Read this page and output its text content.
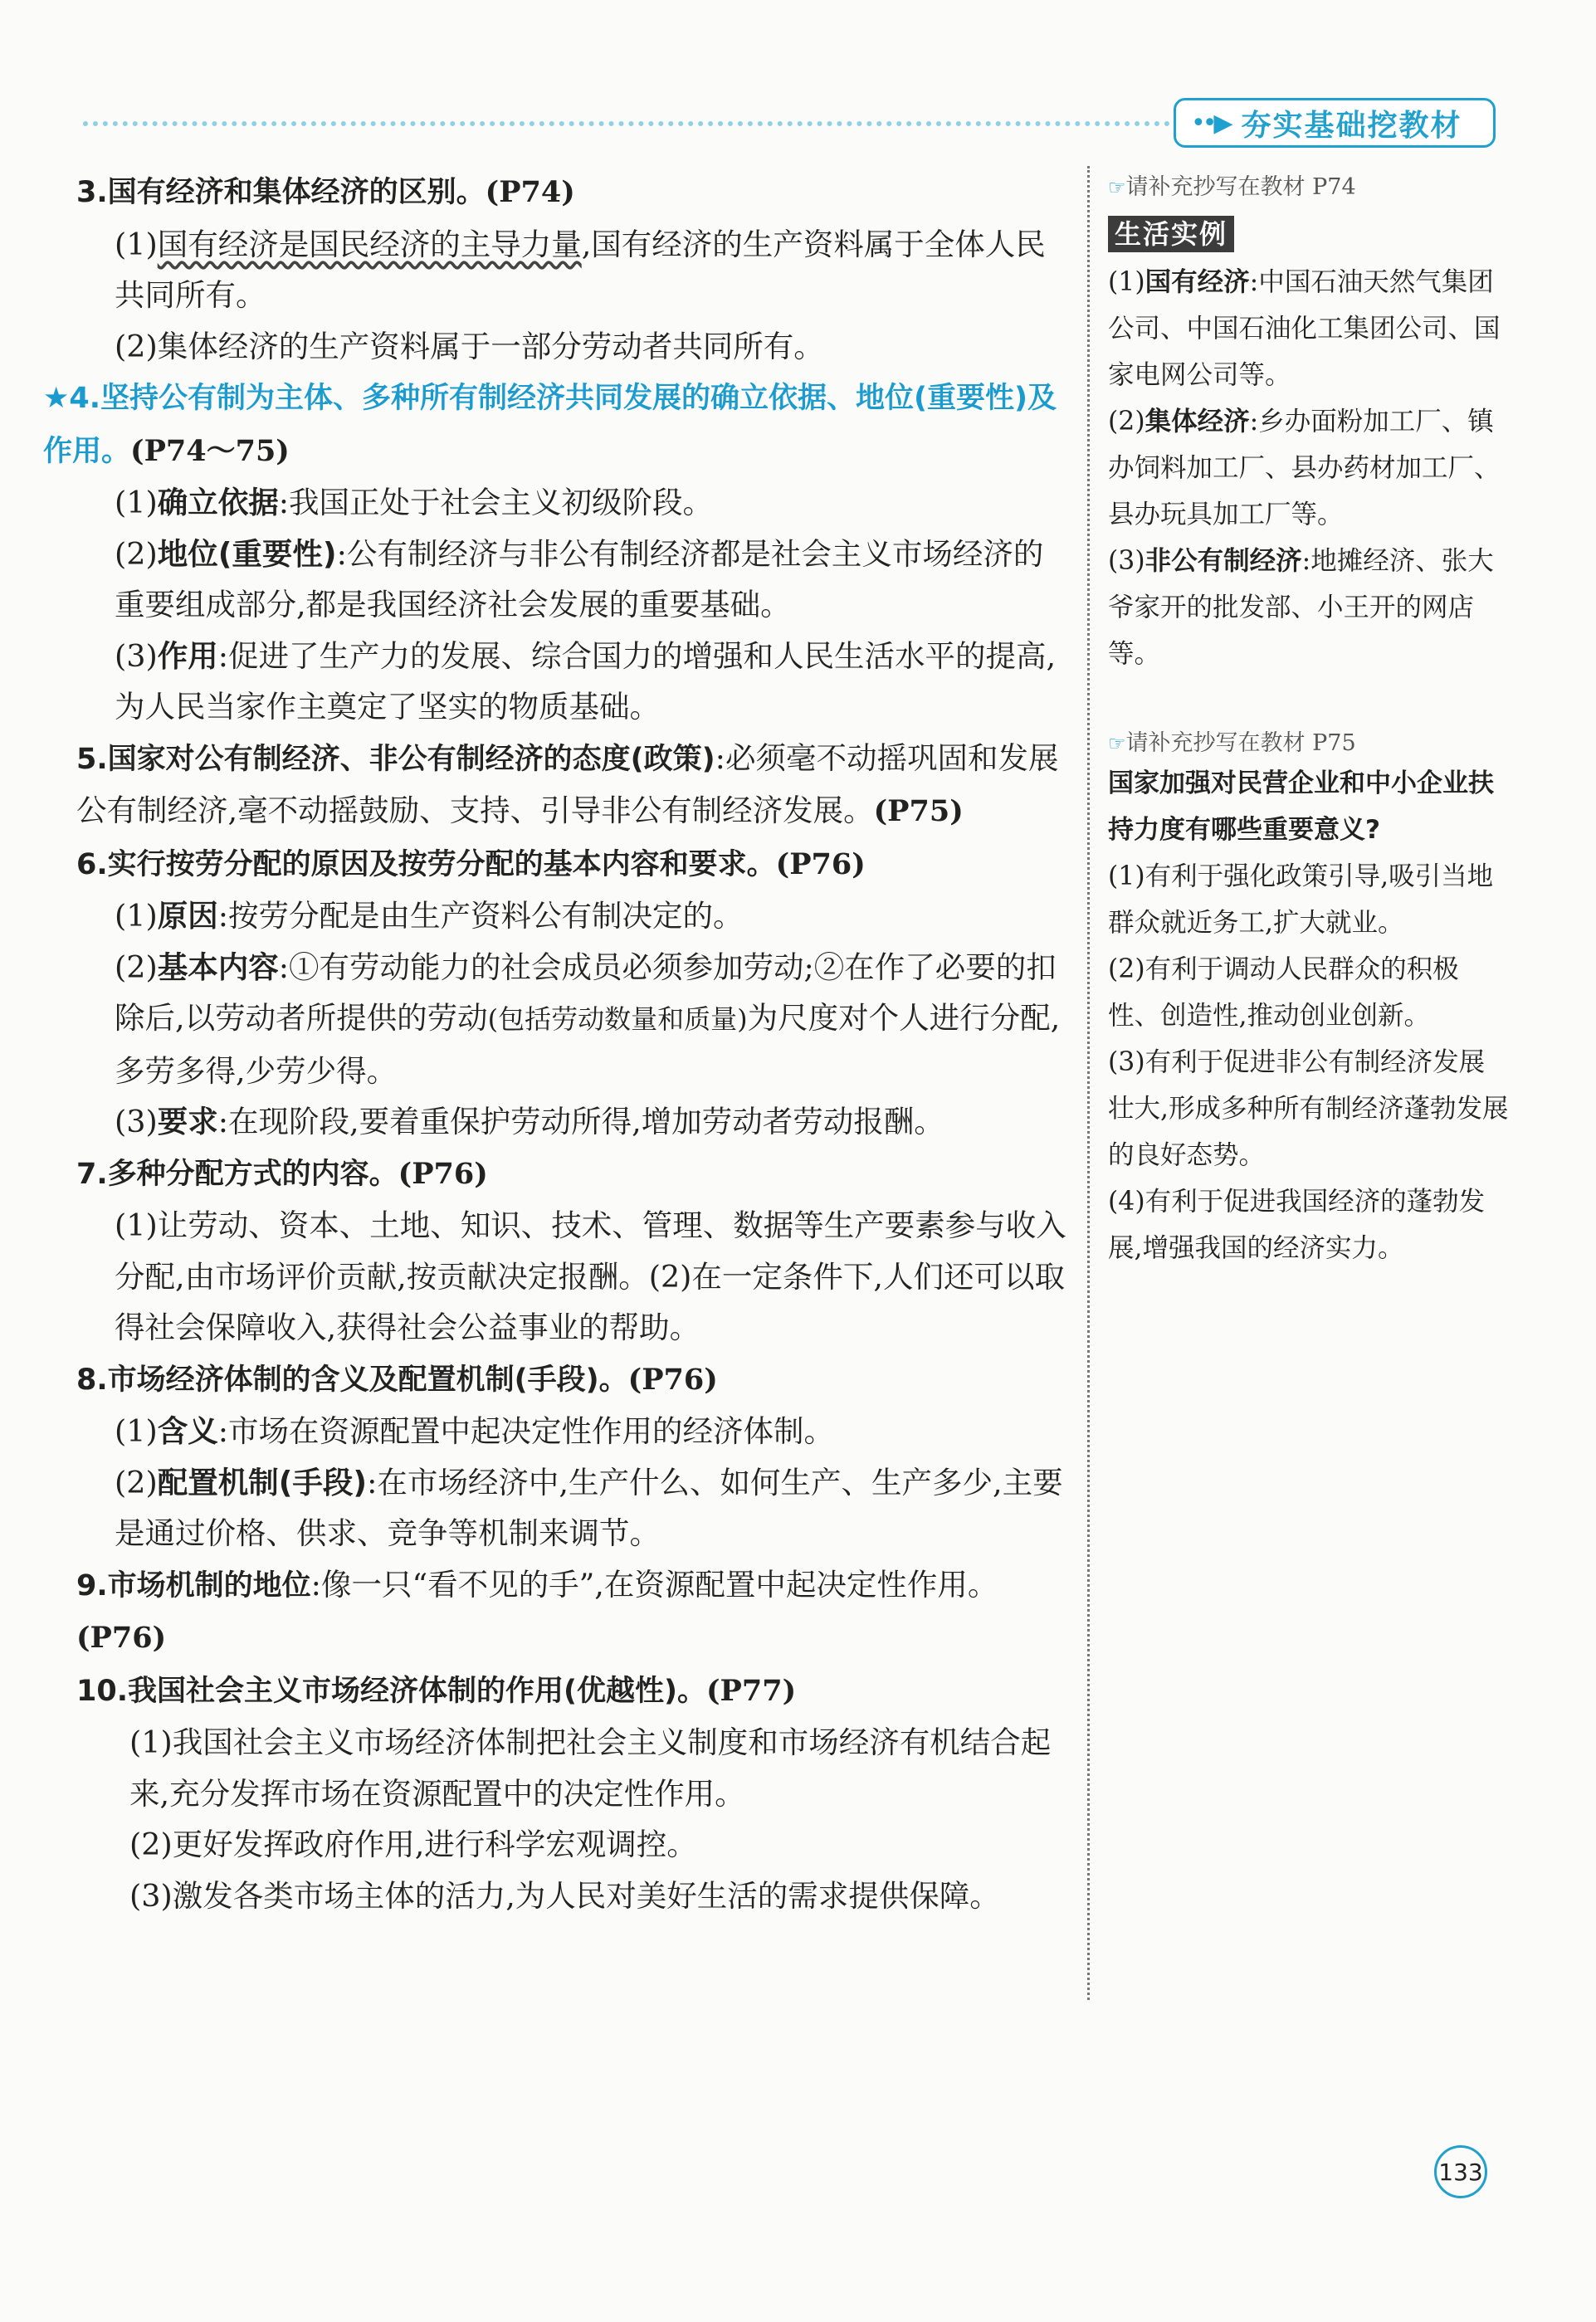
••▶ 夯实基础挖教材

3.国有经济和集体经济的区别。(P74)

(1)国有经济是国民经济的主导力量,国有经济的生产资料属于全体人民共同所有。

(2)集体经济的生产资料属于一部分劳动者共同所有。

★4.坚持公有制为主体、多种所有制经济共同发展的确立依据、地位(重要性)及作用。(P74～75)

(1)确立依据:我国正处于社会主义初级阶段。

(2)地位(重要性):公有制经济与非公有制经济都是社会主义市场经济的重要组成部分,都是我国经济社会发展的重要基础。

(3)作用:促进了生产力的发展、综合国力的增强和人民生活水平的提高,为人民当家作主奠定了坚实的物质基础。

5.国家对公有制经济、非公有制经济的态度(政策):必须毫不动摇巩固和发展公有制经济,毫不动摇鼓励、支持、引导非公有制经济发展。(P75)

6.实行按劳分配的原因及按劳分配的基本内容和要求。(P76)

(1)原因:按劳分配是由生产资料公有制决定的。

(2)基本内容:①有劳动能力的社会成员必须参加劳动;②在作了必要的扣除后,以劳动者所提供的劳动(包括劳动数量和质量)为尺度对个人进行分配,多劳多得,少劳少得。

(3)要求:在现阶段,要着重保护劳动所得,增加劳动者劳动报酬。

7.多种分配方式的内容。(P76)

(1)让劳动、资本、土地、知识、技术、管理、数据等生产要素参与收入分配,由市场评价贡献,按贡献决定报酬。(2)在一定条件下,人们还可以取得社会保障收入,获得社会公益事业的帮助。

8.市场经济体制的含义及配置机制(手段)。(P76)

(1)含义:市场在资源配置中起决定性作用的经济体制。

(2)配置机制(手段):在市场经济中,生产什么、如何生产、生产多少,主要是通过价格、供求、竞争等机制来调节。

9.市场机制的地位:像一只“看不见的手”,在资源配置中起决定性作用。(P76)

10.我国社会主义市场经济体制的作用(优越性)。(P77)

(1)我国社会主义市场经济体制把社会主义制度和市场经济有机结合起来,充分发挥市场在资源配置中的决定性作用。

(2)更好发挥政府作用,进行科学宏观调控。

(3)激发各类市场主体的活力,为人民对美好生活的需求提供保障。

☞请补充抄写在教材 P74

生活实例

(1)国有经济:中国石油天然气集团公司、中国石油化工集团公司、国家电网公司等。

(2)集体经济:乡办面粉加工厂、镇办饲料加工厂、县办药材加工厂、县办玩具加工厂等。

(3)非公有制经济:地摊经济、张大爷家开的批发部、小王开的网店等。

☞请补充抄写在教材 P75

国家加强对民营企业和中小企业扶持力度有哪些重要意义?

(1)有利于强化政策引导,吸引当地群众就近务工,扩大就业。

(2)有利于调动人民群众的积极性、创造性,推动创业创新。

(3)有利于促进非公有制经济发展壮大,形成多种所有制经济蓬勃发展的良好态势。

(4)有利于促进我国经济的蓬勃发展,增强我国的经济实力。

133
